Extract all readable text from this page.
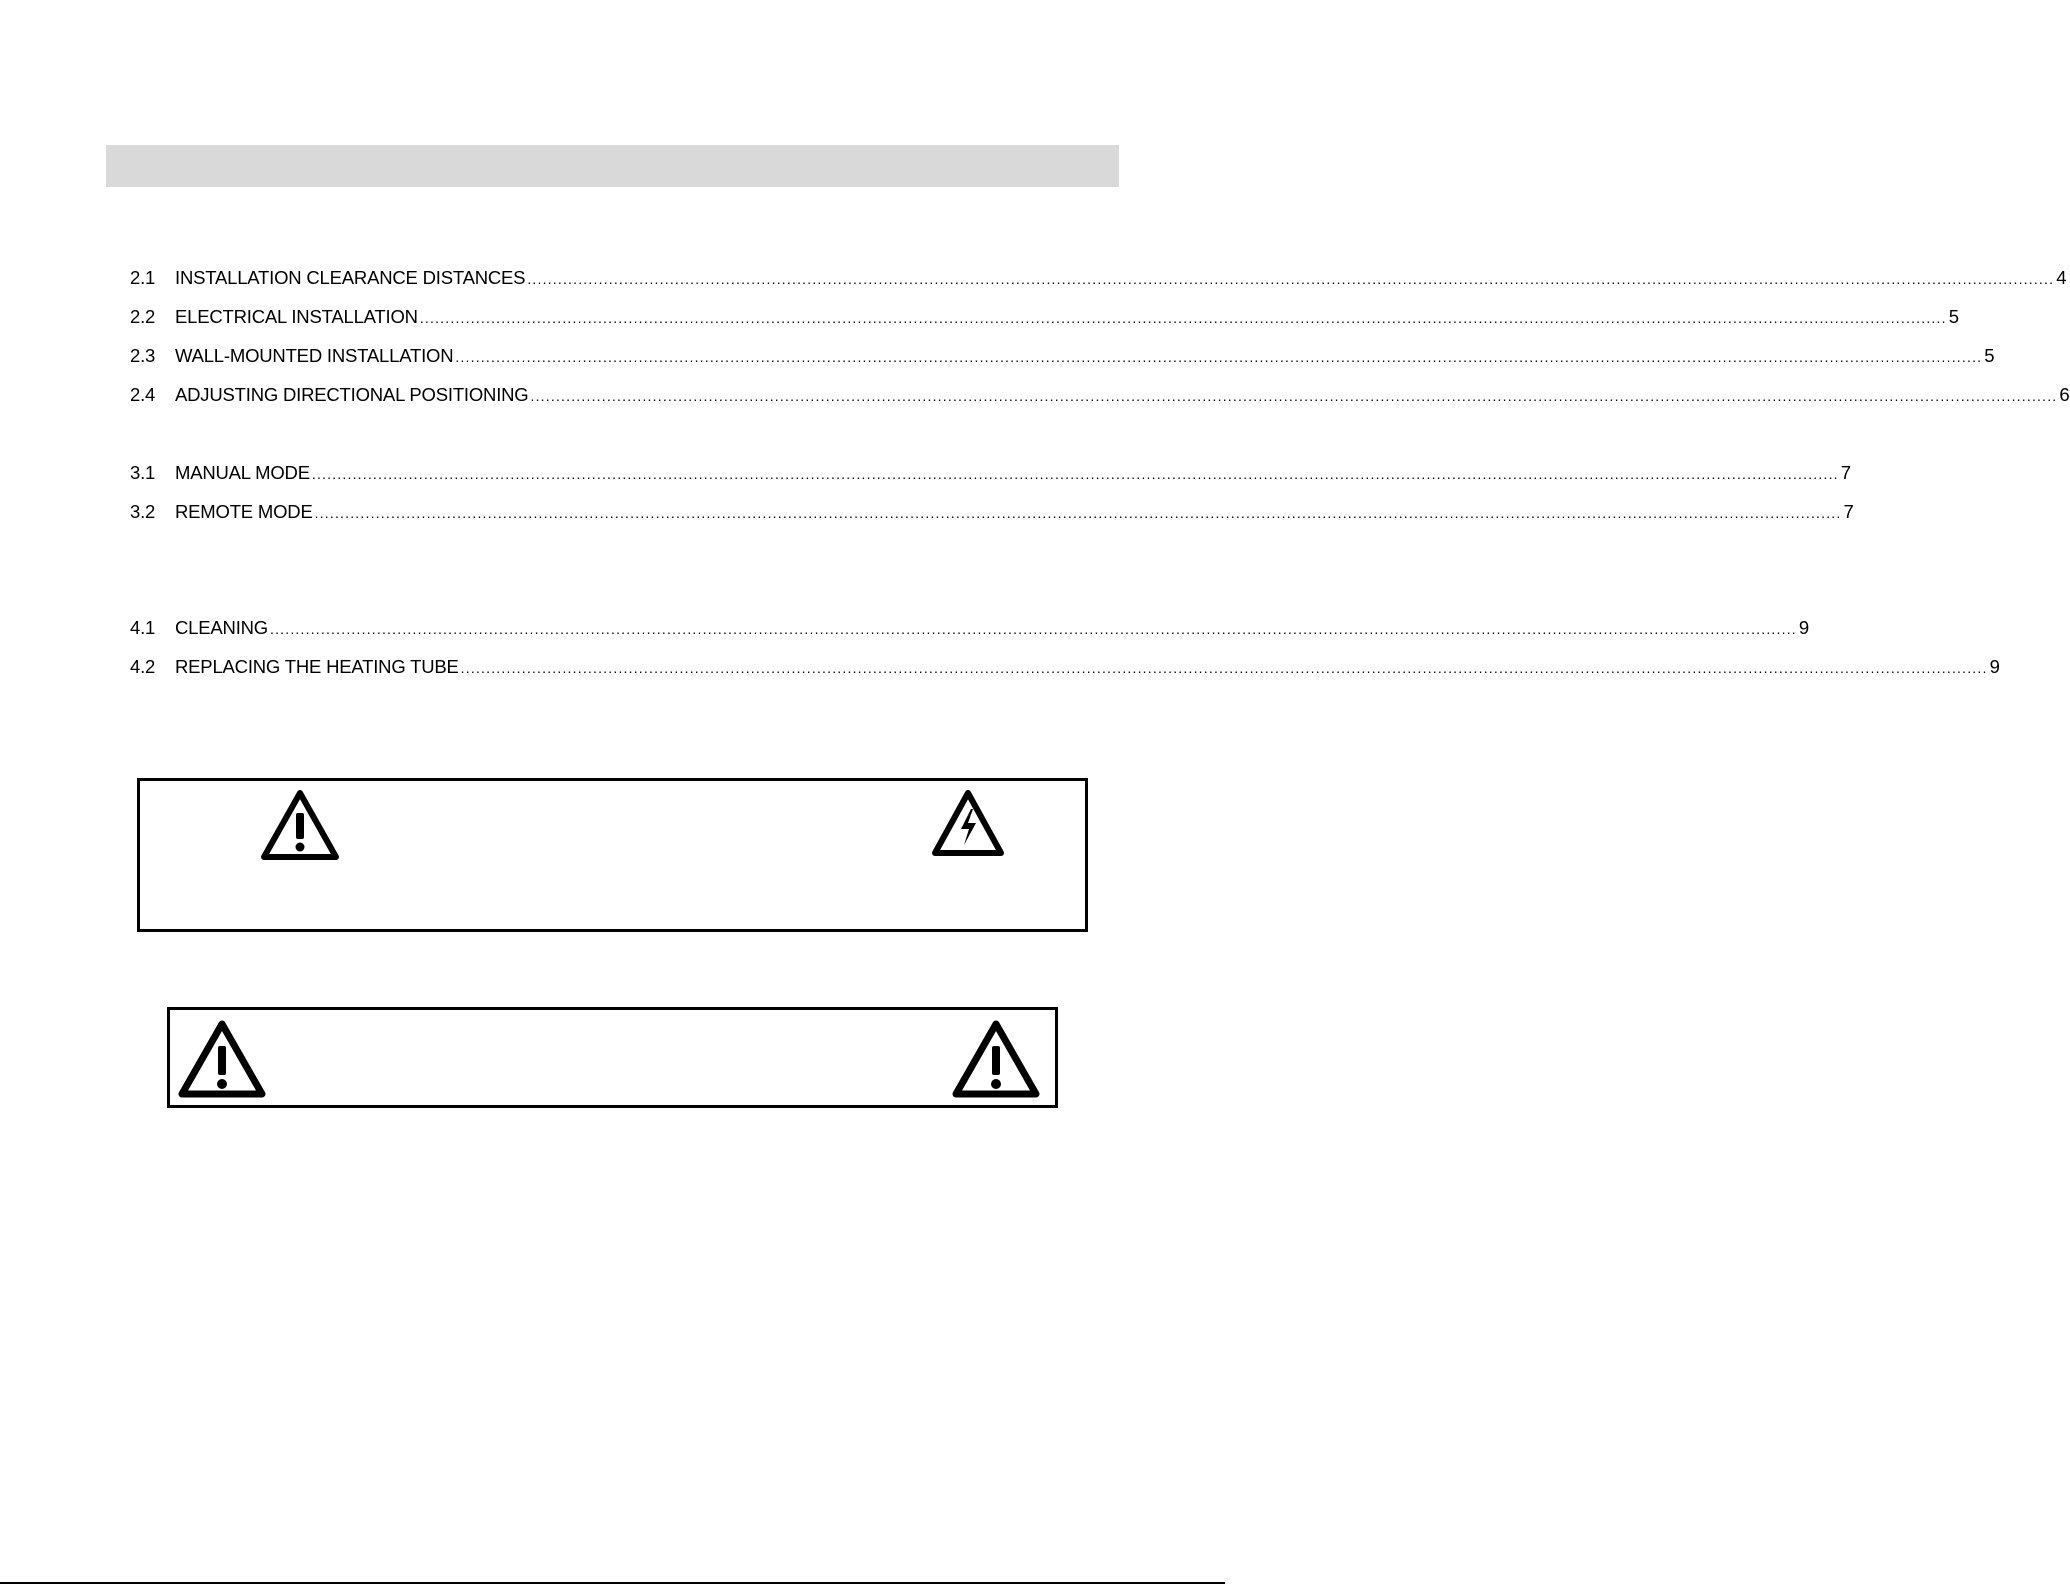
2.1	INSTALLATION CLEARANCE DISTANCES ............................................................................................................................................................................................................................................................................................................ 4
2.2	ELECTRICAL INSTALLATION ............................................................................................................................................................................................................................................................................................................ 5
2.3	WALL-MOUNTED INSTALLATION ............................................................................................................................................................................................................................................................................................................ 5
2.4	ADJUSTING DIRECTIONAL POSITIONING ............................................................................................................................................................................................................................................................................................................ 6
3.1	MANUAL MODE ............................................................................................................................................................................................................................................................................................................ 7
3.2	REMOTE MODE ............................................................................................................................................................................................................................................................................................................ 7
4.1	CLEANING ............................................................................................................................................................................................................................................................................................................ 9
4.2	REPLACING THE HEATING TUBE ............................................................................................................................................................................................................................................................................................................ 9
